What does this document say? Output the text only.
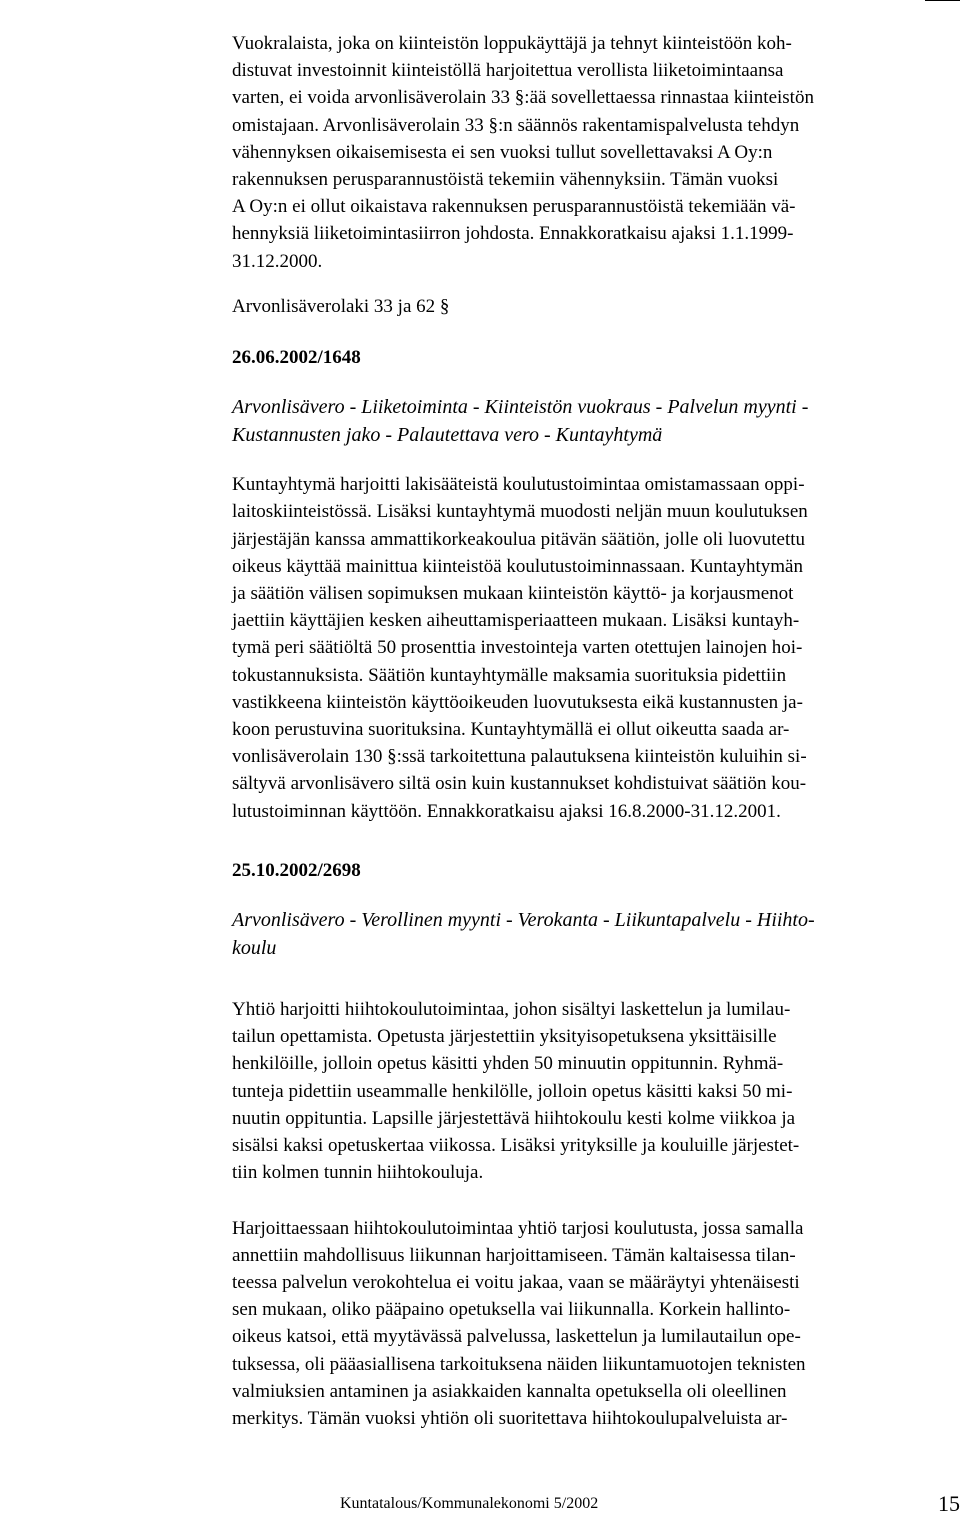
Vuokralaista, joka on kiinteistön loppukäyttäjä ja tehnyt kiinteistöön koh-
distuvat investoinnit kiinteistöllä harjoitettua verollista liiketoimintaansa
varten, ei voida arvonlisäverolain 33 §:ää sovellettaessa rinnastaa kiinteistön
omistajaan. Arvonlisäverolain 33 §:n säännös rakentamispalvelusta tehdyn
vähennyksen oikaisemisesta ei sen vuoksi tullut sovellettavaksi A Oy:n
rakennuksen perusparannustöistä tekemiin vähennyksiin. Tämän vuoksi
A Oy:n ei ollut oikaistava rakennuksen perusparannustöistä tekemiään vä-
hennyksiä liiketoimintasiirron johdosta. Ennakkoratkaisu ajaksi 1.1.1999-
31.12.2000.

Arvonlisäverolaki 33 ja 62 §

26.06.2002/1648

Arvonlisävero - Liiketoiminta - Kiinteistön vuokraus - Palvelun myynti -
Kustannusten jako - Palautettava vero - Kuntayhtymä

Kuntayhtymä harjoitti lakisääteistä koulutustoimintaa omistamassaan oppi-
laitoskiinteistössä. Lisäksi kuntayhtymä muodosti neljän muun koulutuksen
järjestäjän kanssa ammattikorkeakoulua pitävän säätiön, jolle oli luovutettu
oikeus käyttää mainittua kiinteistöä koulutustoiminnassaan. Kuntayhtymän
ja säätiön välisen sopimuksen mukaan kiinteistön käyttö- ja korjausmenot
jaettiin käyttäjien kesken aiheuttamisperiaatteen mukaan. Lisäksi kuntayh-
tymä peri säätiöltä 50 prosenttia investointeja varten otettujen lainojen hoi-
tokustannuksista. Säätiön kuntayhtymälle maksamia suorituksia pidettiin
vastikkeena kiinteistön käyttöoikeuden luovutuksesta eikä kustannusten ja-
koon perustuvina suorituksina. Kuntayhtymällä ei ollut oikeutta saada ar-
vonlisäverolain 130 §:ssä tarkoitettuna palautuksena kiinteistön kuluihin si-
sältyvä arvonlisävero siltä osin kuin kustannukset kohdistuivat säätiön kou-
lutustoiminnan käyttöön. Ennakkoratkaisu ajaksi 16.8.2000-31.12.2001.

25.10.2002/2698

Arvonlisävero - Verollinen myynti - Verokanta - Liikuntapalvelu - Hiihto-
koulu

Yhtiö harjoitti hiihtokoulutoimintaa, johon sisältyi laskettelun ja lumilau-
tailun opettamista. Opetusta järjestettiin yksityisopetuksena yksittäisille
henkilöille, jolloin opetus käsitti yhden 50 minuutin oppitunnin. Ryhmä-
tunteja pidettiin useammalle henkilölle, jolloin opetus käsitti kaksi 50 mi-
nuutin oppituntia. Lapsille järjestettävä hiihtokoulu kesti kolme viikkoa ja
sisälsi kaksi opetuskertaa viikossa. Lisäksi yrityksille ja kouluille järjestet-
tiin kolmen tunnin hiihtokouluja.

Harjoittaessaan hiihtokoulutoimintaa yhtiö tarjosi koulutusta, jossa samalla
annettiin mahdollisuus liikunnan harjoittamiseen. Tämän kaltaisessa tilan-
teessa palvelun verokohtelua ei voitu jakaa, vaan se määräytyi yhtenäisesti
sen mukaan, oliko pääpaino opetuksella vai liikunnalla. Korkein hallinto-
oikeus katsoi, että myytävässä palvelussa, laskettelun ja lumilautailun ope-
tuksessa, oli pääasiallisena tarkoituksena näiden liikuntamuotojen teknisten
valmiuksien antaminen ja asiakkaiden kannalta opetuksella oli oleellinen
merkitys. Tämän vuoksi yhtiön oli suoritettava hiihtokoulupalveluista ar-

Kuntatalous/Kommunalekonomi 5/2002	15
